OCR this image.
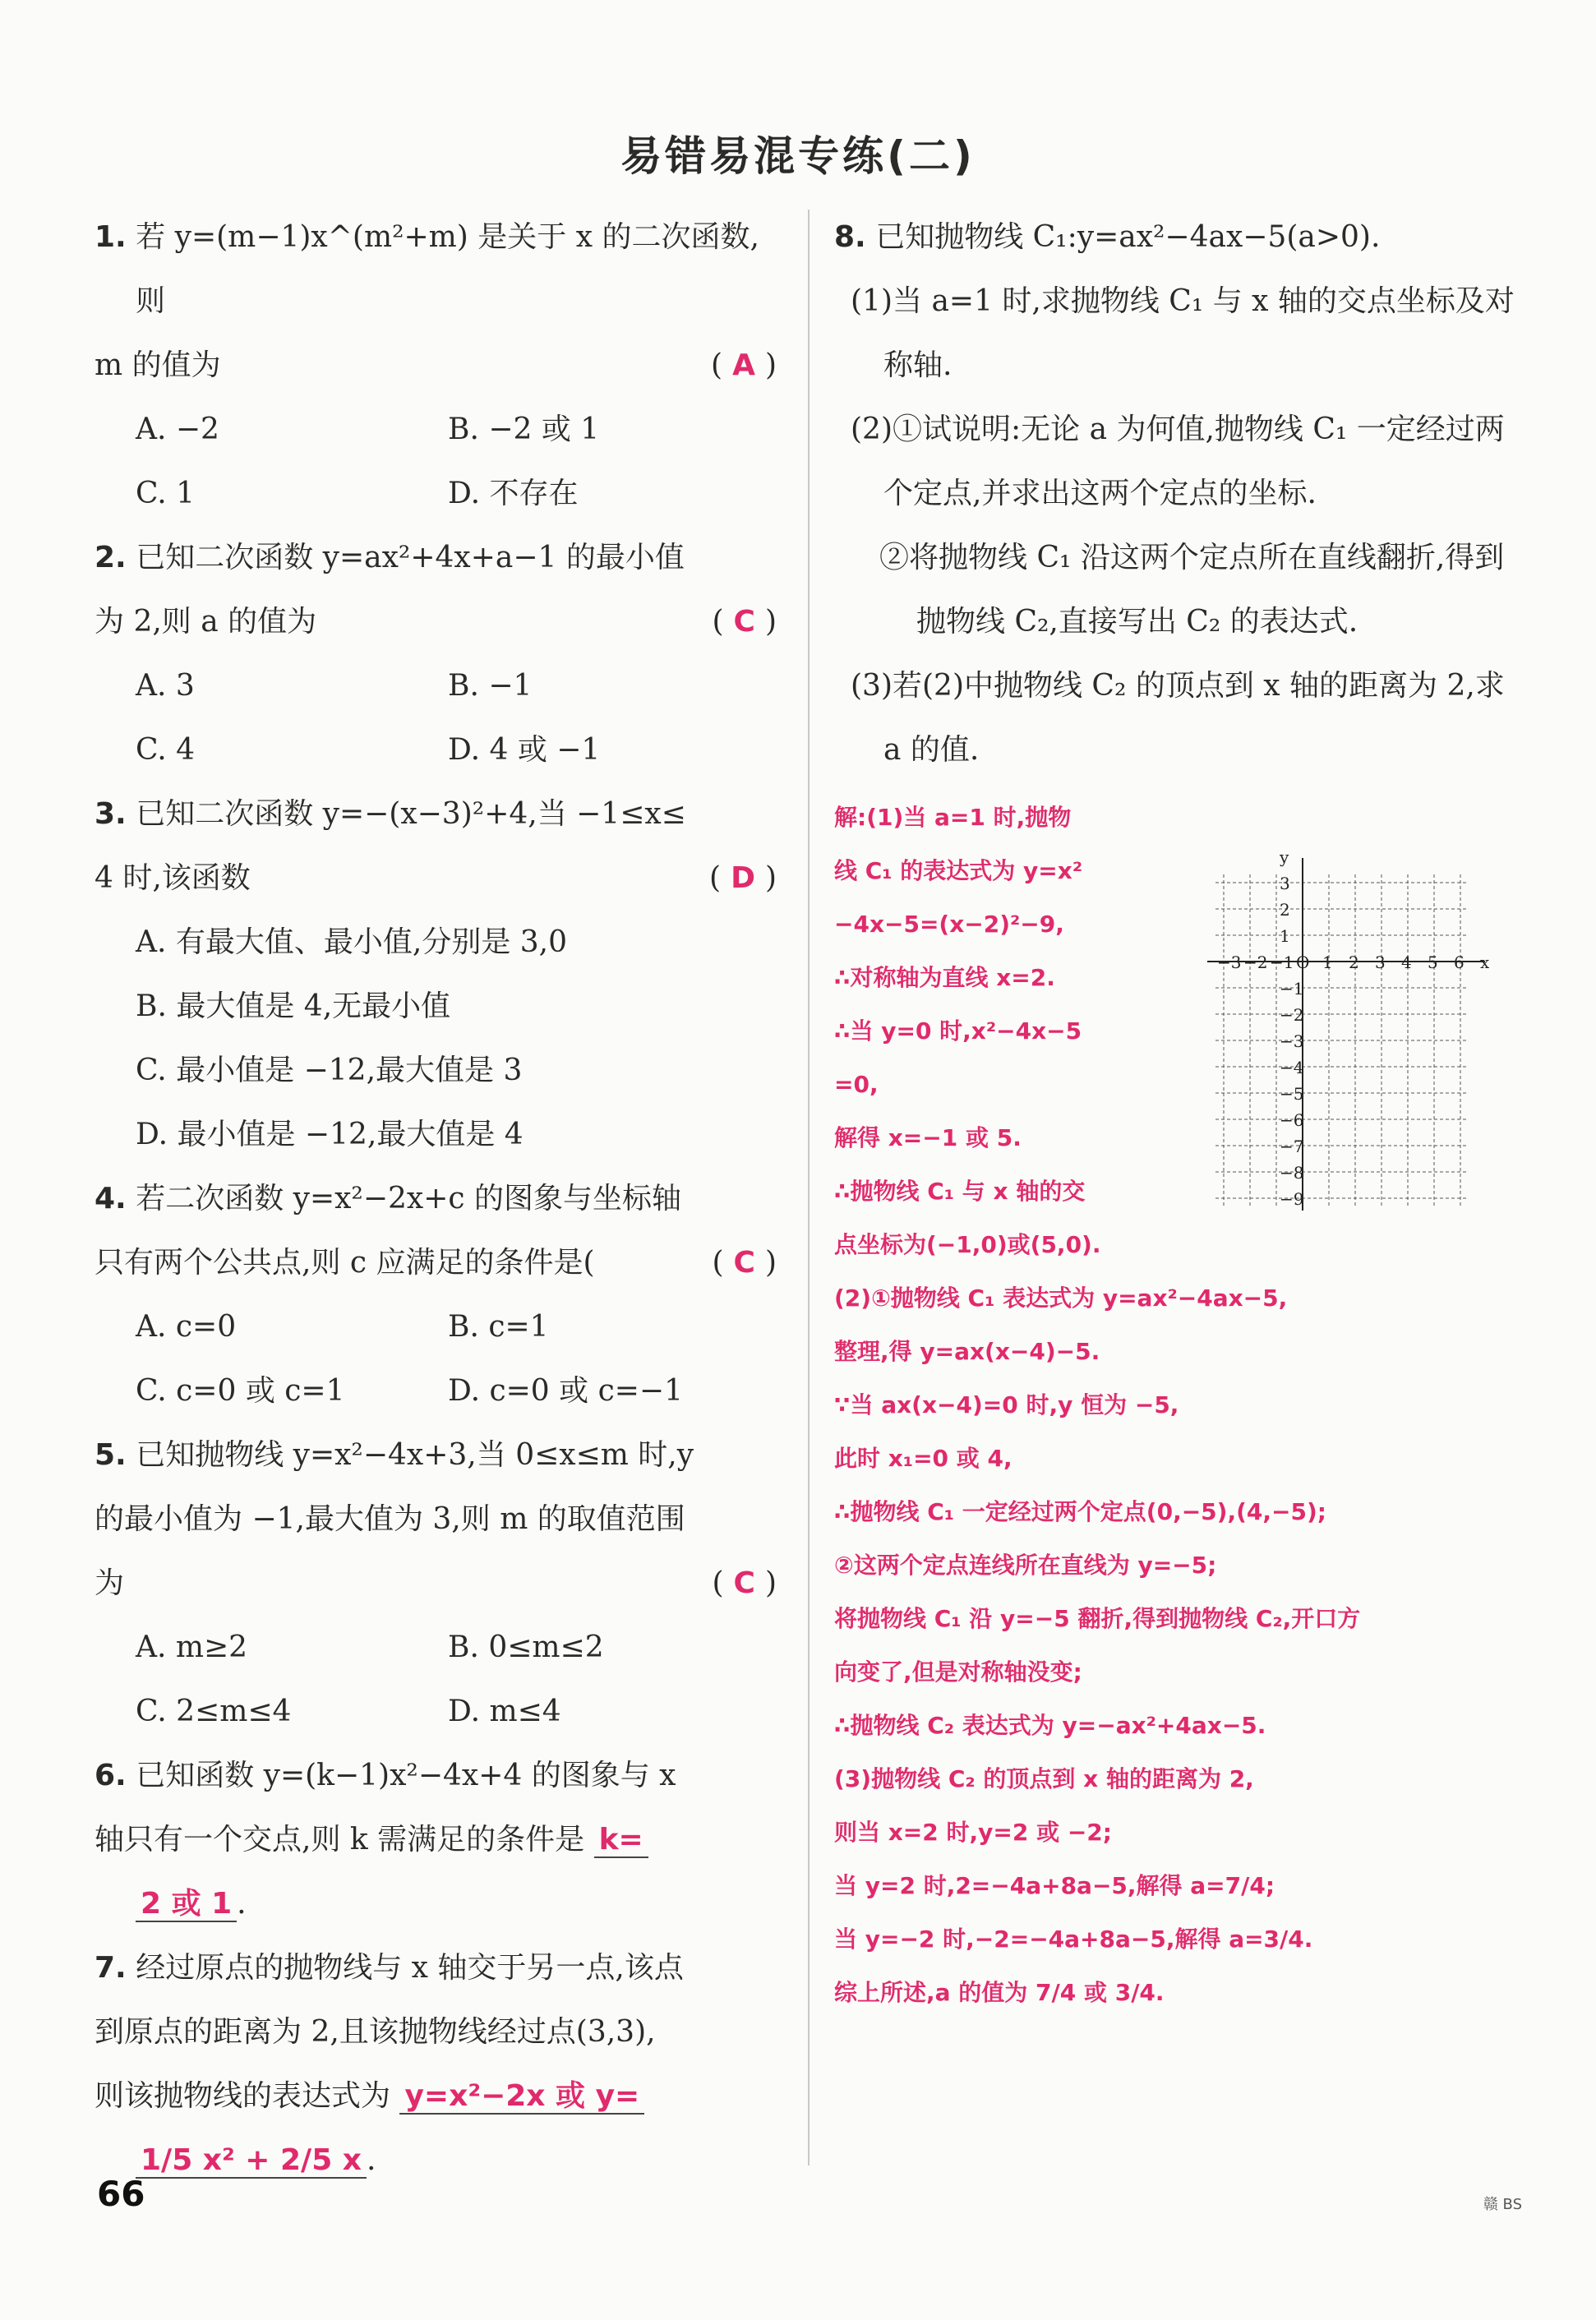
易错易混专练(二)
1. 若 y=(m−1)x^(m²+m) 是关于 x 的二次函数,则
m 的值为	( A )
A. −2	B. −2 或 1
C. 1	D. 不存在
2. 已知二次函数 y=ax²+4x+a−1 的最小值
为 2,则 a 的值为	( C )
A. 3	B. −1
C. 4	D. 4 或 −1
3. 已知二次函数 y=−(x−3)²+4,当 −1≤x≤
4 时,该函数	( D )
A. 有最大值、最小值,分别是 3,0
B. 最大值是 4,无最小值
C. 最小值是 −12,最大值是 3
D. 最小值是 −12,最大值是 4
4. 若二次函数 y=x²−2x+c 的图象与坐标轴
只有两个公共点,则 c 应满足的条件是(	( C )
A. c=0	B. c=1
C. c=0 或 c=1	D. c=0 或 c=−1
5. 已知抛物线 y=x²−4x+3,当 0≤x≤m 时,y
的最小值为 −1,最大值为 3,则 m 的取值范围
为	( C )
A. m≥2	B. 0≤m≤2
C. 2≤m≤4	D. m≤4
6. 已知函数 y=(k−1)x²−4x+4 的图象与 x
轴只有一个交点,则 k 需满足的条件是 k=
2 或 1 .
7. 经过原点的抛物线与 x 轴交于另一点,该点
到原点的距离为 2,且该抛物线经过点(3,3),
则该抛物线的表达式为 y=x²−2x 或 y=
1/5 x² + 2/5 x .
8. 已知抛物线 C₁:y=ax²−4ax−5(a>0).
(1)当 a=1 时,求抛物线 C₁ 与 x 轴的交点坐标及对称轴.
(2)①试说明:无论 a 为何值,抛物线 C₁ 一定经过两个定点,并求出这两个定点的坐标.
②将抛物线 C₁ 沿这两个定点所在直线翻折,得到抛物线 C₂,直接写出 C₂ 的表达式.
(3)若(2)中抛物线 C₂ 的顶点到 x 轴的距离为 2,求 a 的值.
解:(1)当 a=1 时,抛物
线 C₁ 的表达式为 y=x²
−4x−5=(x−2)²−9,
∴对称轴为直线 x=2.
∴当 y=0 时,x²−4x−5
=0,
解得 x=−1 或 5.
∴抛物线 C₁ 与 x 轴的交
点坐标为(−1,0)或(5,0).
(2)①抛物线 C₁ 表达式为 y=ax²−4ax−5,
整理,得 y=ax(x−4)−5.
∵当 ax(x−4)=0 时,y 恒为 −5,
此时 x₁=0 或 4,
∴抛物线 C₁ 一定经过两个定点(0,−5),(4,−5);
②这两个定点连线所在直线为 y=−5;
将抛物线 C₁ 沿 y=−5 翻折,得到抛物线 C₂,开口方
向变了,但是对称轴没变;
∴抛物线 C₂ 表达式为 y=−ax²+4ax−5.
(3)抛物线 C₂ 的顶点到 x 轴的距离为 2,
则当 x=2 时,y=2 或 −2;
当 y=2 时,2=−4a+8a−5,解得 a=7/4;
当 y=−2 时,−2=−4a+8a−5,解得 a=3/4.
综上所述,a 的值为 7/4 或 3/4.
−3 −2 −1 O 1 2 3 4 5 6 x
y
3
2
1
−1
−2
−3
−4
−5
−6
−7
−8
−9
66	赣 BS
